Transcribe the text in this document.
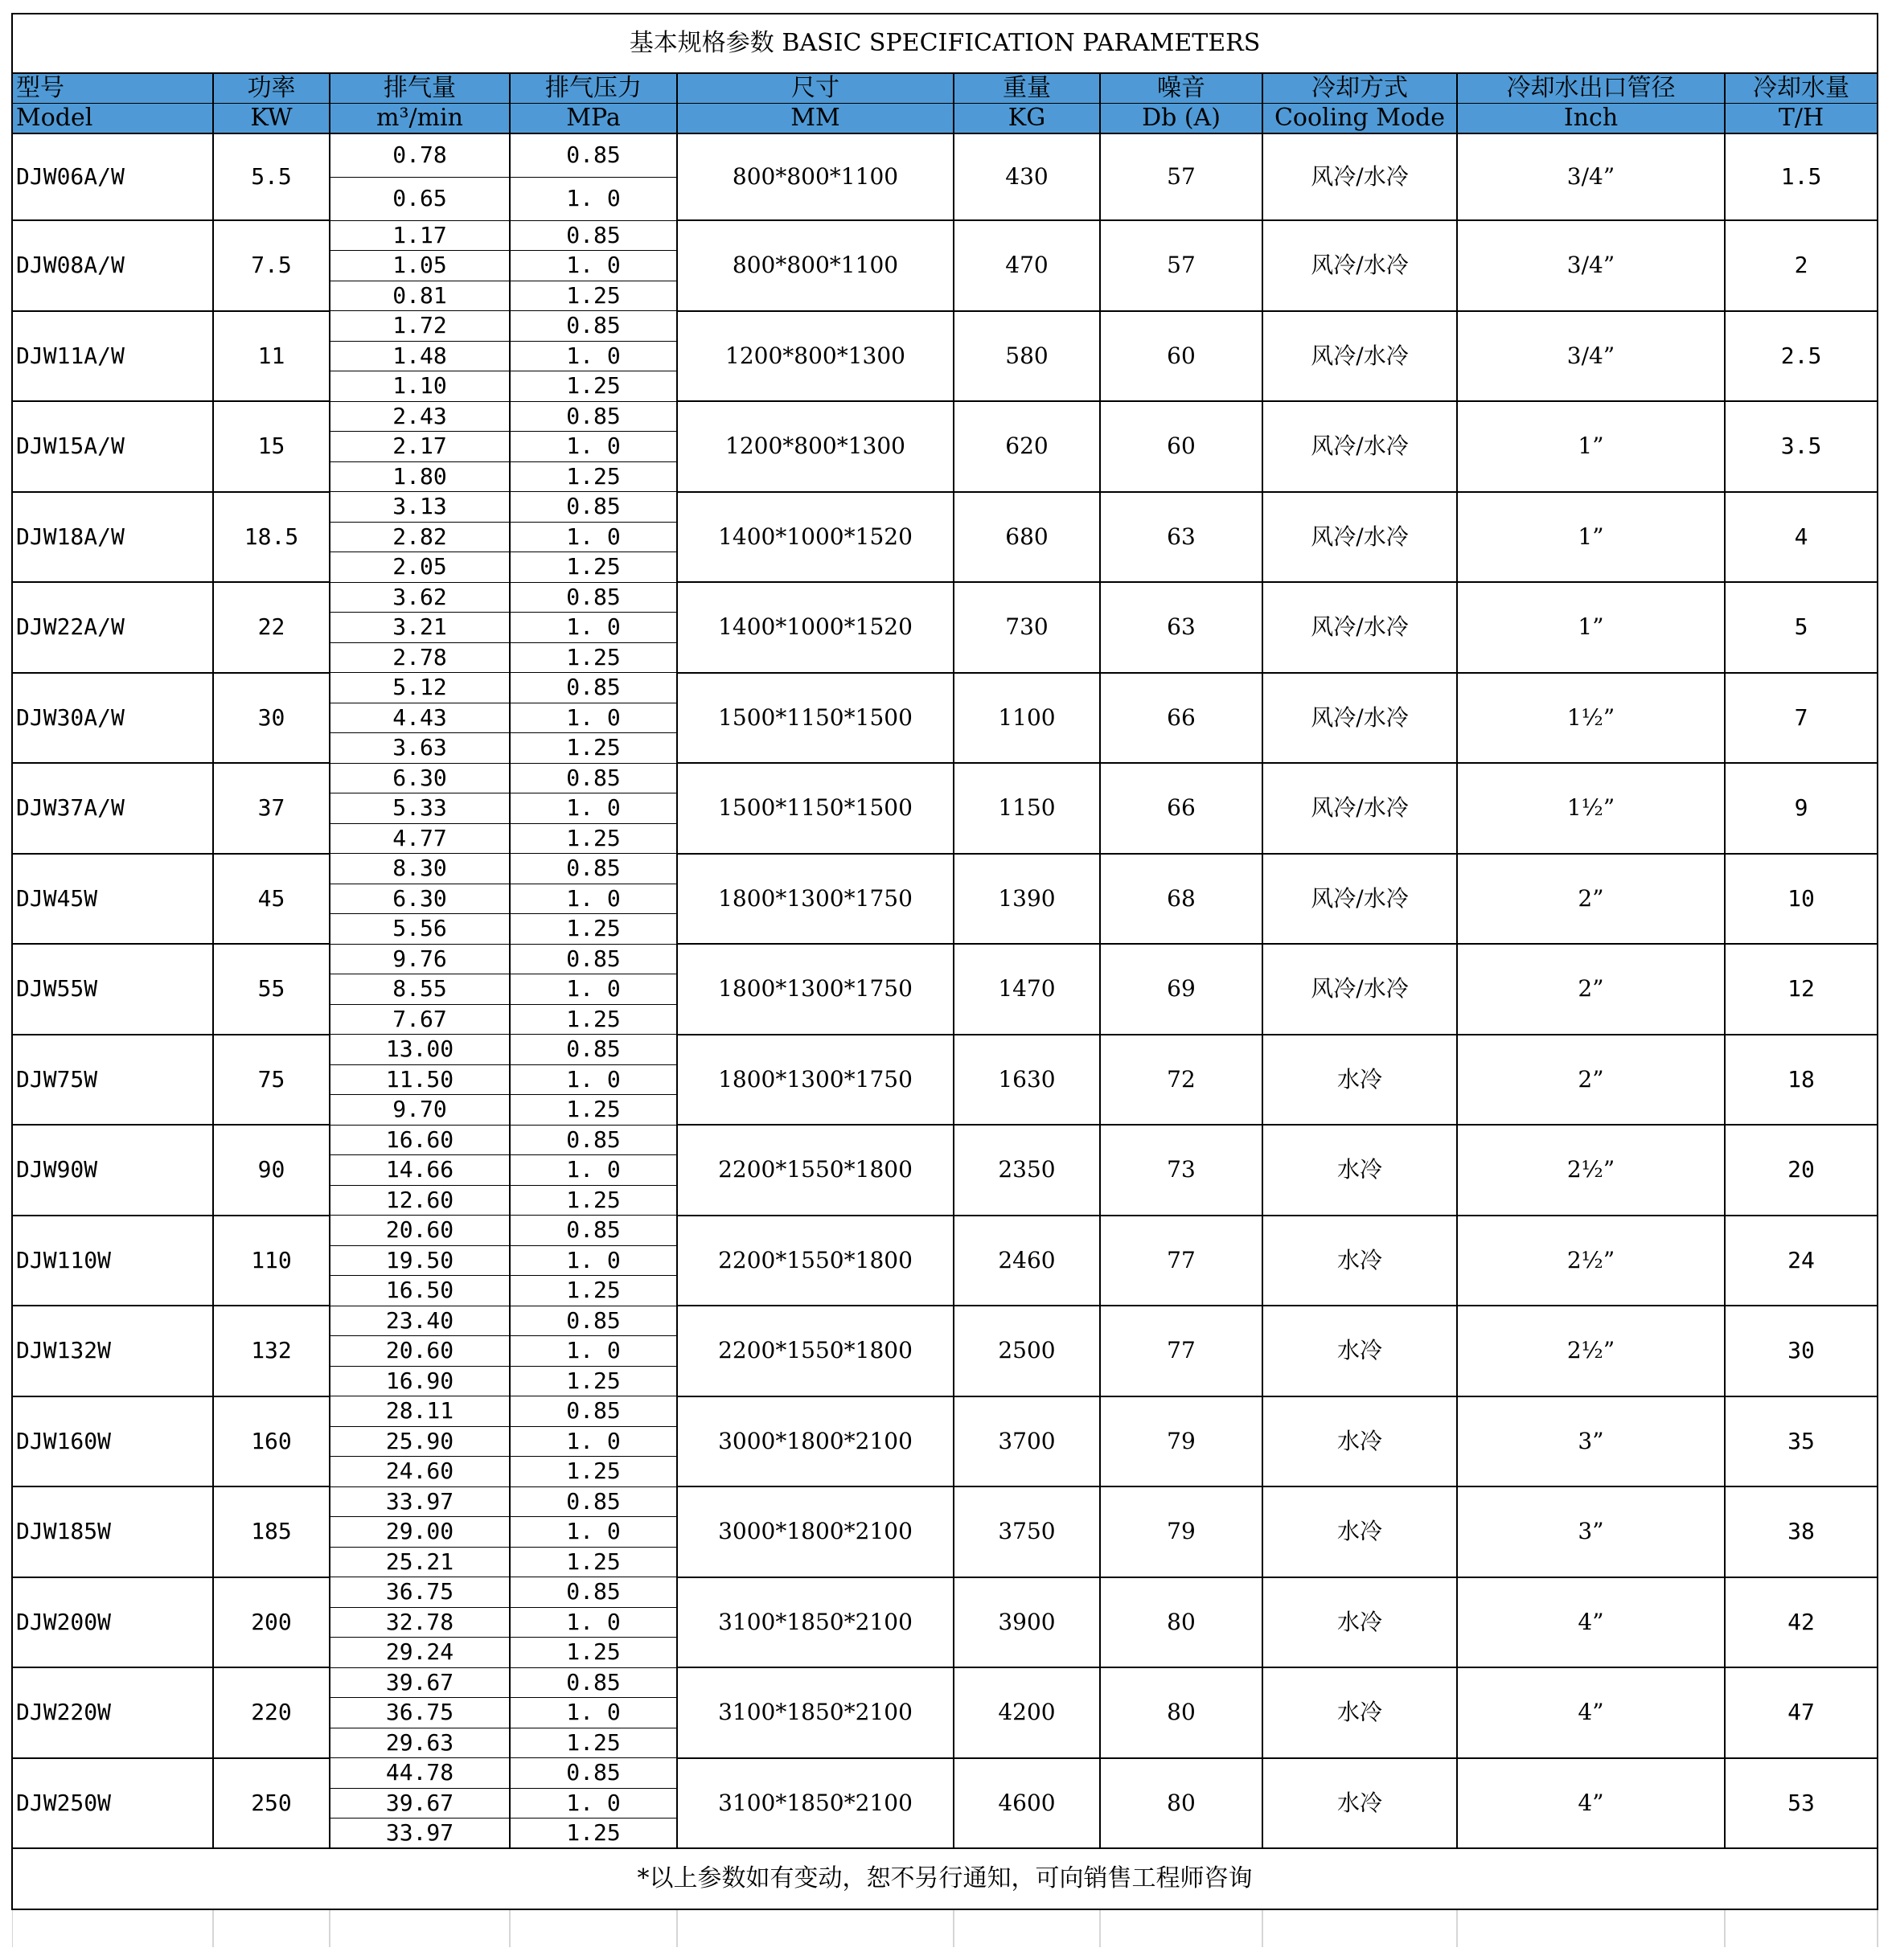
基本规格参数 BASIC SPECIFICATION PARAMETERS									
型号	功率	排气量	排气压力	尺寸	重量	噪音	冷却方式	冷却水出口管径	冷却水量
Model	KW	m³/min	MPa	MM	KG	Db (A)	Cooling Mode	Inch	T/H
DJW06A/W	5.5	0.78	0.85	800*800*1100	430	57	风冷/水冷	3/4”	1.5
		0.65	1. 0						
DJW08A/W	7.5	1.17	0.85	800*800*1100	470	57	风冷/水冷	3/4”	2
		1.05	1. 0						
		0.81	1.25						
DJW11A/W	11	1.72	0.85	1200*800*1300	580	60	风冷/水冷	3/4”	2.5
		1.48	1. 0						
		1.10	1.25						
DJW15A/W	15	2.43	0.85	1200*800*1300	620	60	风冷/水冷	1”	3.5
		2.17	1. 0						
		1.80	1.25						
DJW18A/W	18.5	3.13	0.85	1400*1000*1520	680	63	风冷/水冷	1”	4
		2.82	1. 0						
		2.05	1.25						
DJW22A/W	22	3.62	0.85	1400*1000*1520	730	63	风冷/水冷	1”	5
		3.21	1. 0						
		2.78	1.25						
DJW30A/W	30	5.12	0.85	1500*1150*1500	1100	66	风冷/水冷	1½”	7
		4.43	1. 0						
		3.63	1.25						
DJW37A/W	37	6.30	0.85	1500*1150*1500	1150	66	风冷/水冷	1½”	9
		5.33	1. 0						
		4.77	1.25						
DJW45W	45	8.30	0.85	1800*1300*1750	1390	68	风冷/水冷	2”	10
		6.30	1. 0						
		5.56	1.25						
DJW55W	55	9.76	0.85	1800*1300*1750	1470	69	风冷/水冷	2”	12
		8.55	1. 0						
		7.67	1.25						
DJW75W	75	13.00	0.85	1800*1300*1750	1630	72	水冷	2”	18
		11.50	1. 0						
		9.70	1.25						
DJW90W	90	16.60	0.85	2200*1550*1800	2350	73	水冷	2½”	20
		14.66	1. 0						
		12.60	1.25						
DJW110W	110	20.60	0.85	2200*1550*1800	2460	77	水冷	2½”	24
		19.50	1. 0						
		16.50	1.25						
DJW132W	132	23.40	0.85	2200*1550*1800	2500	77	水冷	2½”	30
		20.60	1. 0						
		16.90	1.25						
DJW160W	160	28.11	0.85	3000*1800*2100	3700	79	水冷	3”	35
		25.90	1. 0						
		24.60	1.25						
DJW185W	185	33.97	0.85	3000*1800*2100	3750	79	水冷	3”	38
		29.00	1. 0						
		25.21	1.25						
DJW200W	200	36.75	0.85	3100*1850*2100	3900	80	水冷	4”	42
		32.78	1. 0						
		29.24	1.25						
DJW220W	220	39.67	0.85	3100*1850*2100	4200	80	水冷	4”	47
		36.75	1. 0						
		29.63	1.25						
DJW250W	250	44.78	0.85	3100*1850*2100	4600	80	水冷	4”	53
		39.67	1. 0						
		33.97	1.25						
*以上参数如有变动，恕不另行通知，可向销售工程师咨询									
